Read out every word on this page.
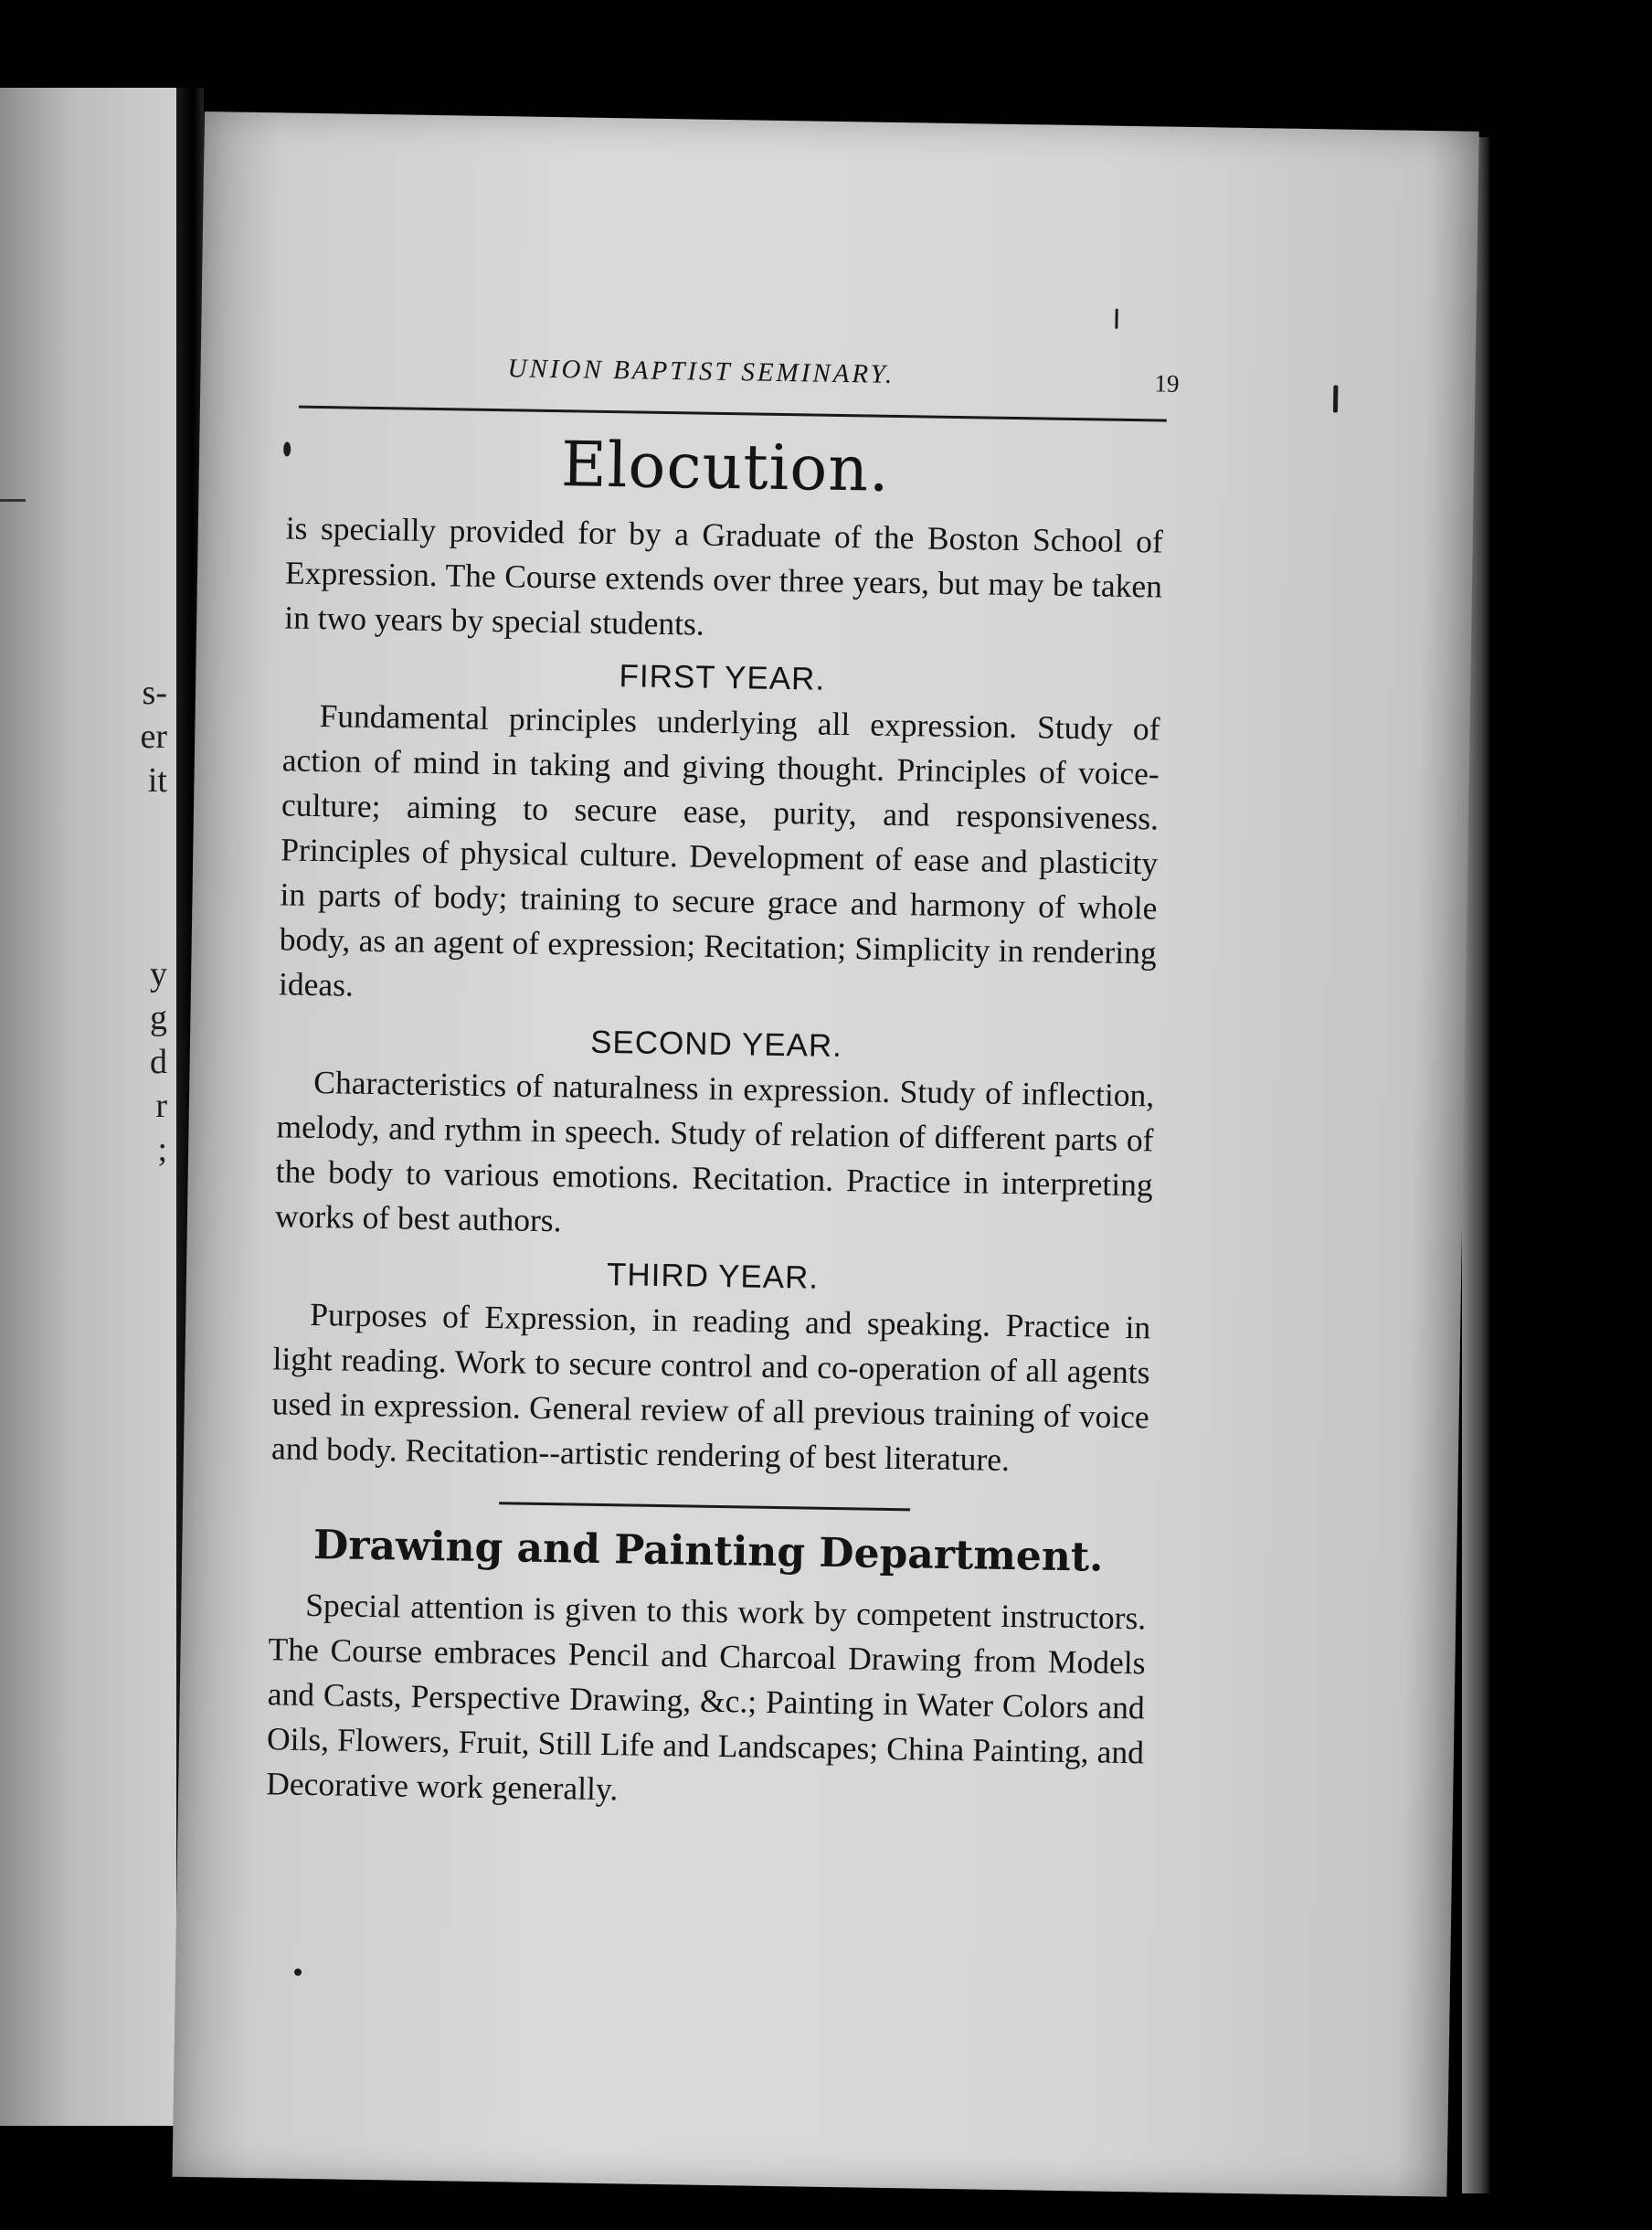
s-
er
it
y
g
d
r
;
UNION BAPTIST SEMINARY.	19
Elocution.

is specially provided for by a Graduate of the Boston School of Expression. The Course extends over three years, but may be taken in two years by special students.

FIRST YEAR.

Fundamental principles underlying all expression. Study of action of mind in taking and giving thought. Principles of voice-culture; aiming to secure ease, purity, and responsiveness. Principles of physical culture. Development of ease and plasticity in parts of body; training to secure grace and harmony of whole body, as an agent of expression; Recitation; Simplicity in rendering ideas.

SECOND YEAR.

Characteristics of naturalness in expression. Study of inflection, melody, and rythm in speech. Study of relation of different parts of the body to various emotions. Recitation. Practice in interpreting works of best authors.

THIRD YEAR.

Purposes of Expression, in reading and speaking. Practice in light reading. Work to secure control and co-operation of all agents used in expression. General review of all previous training of voice and body. Recitation--artistic rendering of best literature.

Drawing and Painting Department.

Special attention is given to this work by competent instructors. The Course embraces Pencil and Charcoal Drawing from Models and Casts, Perspective Drawing, &c.; Painting in Water Colors and Oils, Flowers, Fruit, Still Life and Landscapes; China Painting, and Decorative work generally.
